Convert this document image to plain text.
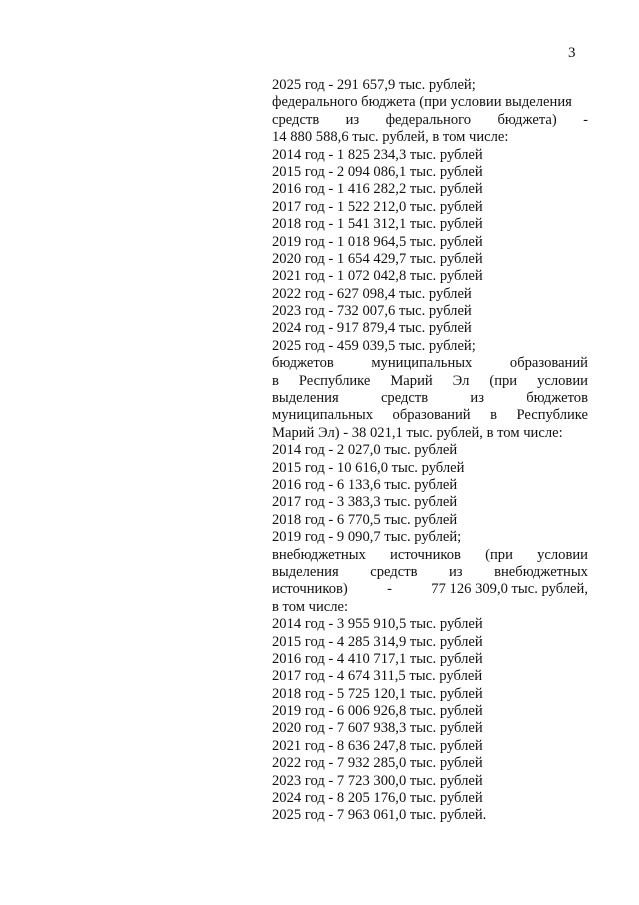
3
2025 год - 291 657,9 тыс. рублей;
федерального бюджета (при условии выделения
средств из федерального бюджета) -
14 880 588,6 тыс. рублей, в том числе:
2014 год - 1 825 234,3 тыс. рублей
2015 год - 2 094 086,1 тыс. рублей
2016 год - 1 416 282,2 тыс. рублей
2017 год - 1 522 212,0 тыс. рублей
2018 год - 1 541 312,1 тыс. рублей
2019 год - 1 018 964,5 тыс. рублей
2020 год - 1 654 429,7 тыс. рублей
2021 год - 1 072 042,8 тыс. рублей
2022 год - 627 098,4 тыс. рублей
2023 год - 732 007,6 тыс. рублей
2024 год - 917 879,4 тыс. рублей
2025 год - 459 039,5 тыс. рублей;
бюджетов	муниципальных	образований
в Республике Марий Эл (при условии
выделения	средств	из	бюджетов
муниципальных образований в Республике
Марий Эл) - 38 021,1 тыс. рублей, в том числе:
2014 год - 2 027,0 тыс. рублей
2015 год - 10 616,0 тыс. рублей
2016 год - 6 133,6 тыс. рублей
2017 год - 3 383,3 тыс. рублей
2018 год - 6 770,5 тыс. рублей
2019 год - 9 090,7 тыс. рублей;
внебюджетных источников (при условии
выделения средств из внебюджетных
источников)	-	77 126 309,0 тыс. рублей,
в том числе:
2014 год - 3 955 910,5 тыс. рублей
2015 год - 4 285 314,9 тыс. рублей
2016 год - 4 410 717,1 тыс. рублей
2017 год - 4 674 311,5 тыс. рублей
2018 год - 5 725 120,1 тыс. рублей
2019 год - 6 006 926,8 тыс. рублей
2020 год - 7 607 938,3 тыс. рублей
2021 год - 8 636 247,8 тыс. рублей
2022 год - 7 932 285,0 тыс. рублей
2023 год - 7 723 300,0 тыс. рублей
2024 год - 8 205 176,0 тыс. рублей
2025 год - 7 963 061,0 тыс. рублей.
